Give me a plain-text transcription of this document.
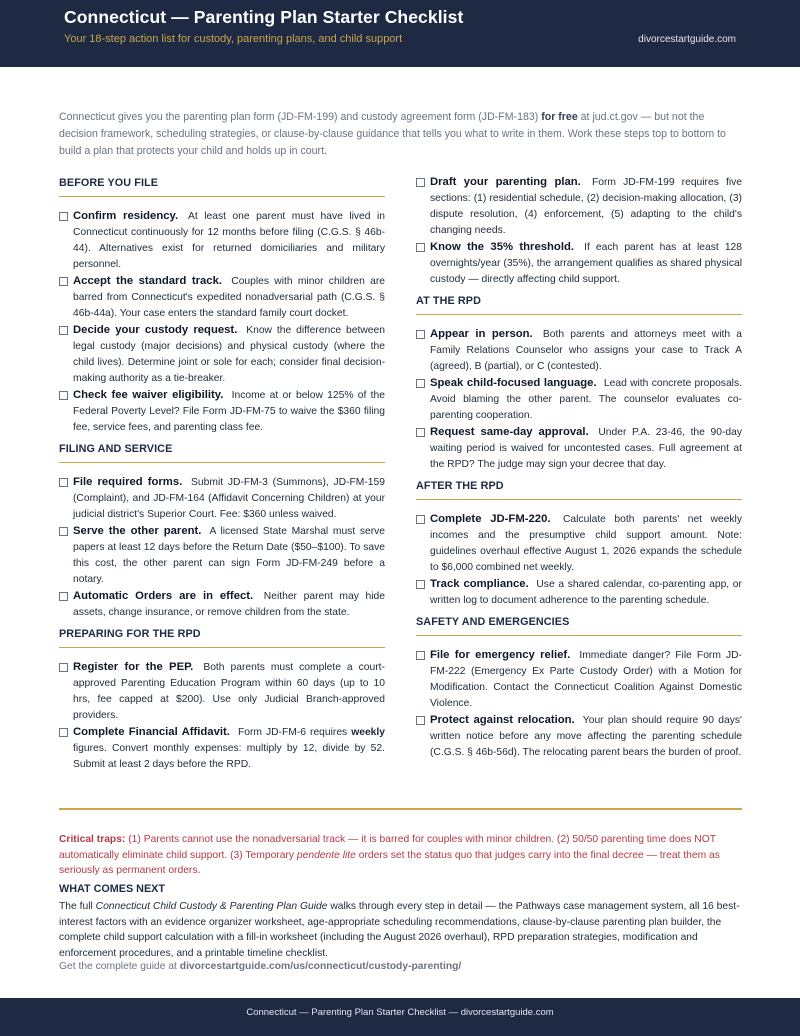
Connecticut — Parenting Plan Starter Checklist
Your 18-step action list for custody, parenting plans, and child support	divorcestartguide.com
Connecticut gives you the parenting plan form (JD-FM-199) and custody agreement form (JD-FM-183) for free at jud.ct.gov — but not the decision framework, scheduling strategies, or clause-by-clause guidance that tells you what to write in them. Work these steps top to bottom to build a plan that protects your child and holds up in court.
BEFORE YOU FILE
Confirm residency. At least one parent must have lived in Connecticut continuously for 12 months before filing (C.G.S. § 46b-44). Alternatives exist for returned domiciliaries and military personnel.
Accept the standard track. Couples with minor children are barred from Connecticut's expedited nonadversarial path (C.G.S. § 46b-44a). Your case enters the standard family court docket.
Decide your custody request. Know the difference between legal custody (major decisions) and physical custody (where the child lives). Determine joint or sole for each; consider final decision-making authority as a tie-breaker.
Check fee waiver eligibility. Income at or below 125% of the Federal Poverty Level? File Form JD-FM-75 to waive the $360 filing fee, service fees, and parenting class fee.
FILING AND SERVICE
File required forms. Submit JD-FM-3 (Summons), JD-FM-159 (Complaint), and JD-FM-164 (Affidavit Concerning Children) at your judicial district's Superior Court. Fee: $360 unless waived.
Serve the other parent. A licensed State Marshal must serve papers at least 12 days before the Return Date ($50–$100). To save this cost, the other parent can sign Form JD-FM-249 before a notary.
Automatic Orders are in effect. Neither parent may hide assets, change insurance, or remove children from the state.
PREPARING FOR THE RPD
Register for the PEP. Both parents must complete a court-approved Parenting Education Program within 60 days (up to 10 hrs, fee capped at $200). Use only Judicial Branch-approved providers.
Complete Financial Affidavit. Form JD-FM-6 requires weekly figures. Convert monthly expenses: multiply by 12, divide by 52. Submit at least 2 days before the RPD.
Draft your parenting plan. Form JD-FM-199 requires five sections: (1) residential schedule, (2) decision-making allocation, (3) dispute resolution, (4) enforcement, (5) adapting to the child's changing needs.
Know the 35% threshold. If each parent has at least 128 overnights/year (35%), the arrangement qualifies as shared physical custody — directly affecting child support.
AT THE RPD
Appear in person. Both parents and attorneys meet with a Family Relations Counselor who assigns your case to Track A (agreed), B (partial), or C (contested).
Speak child-focused language. Lead with concrete proposals. Avoid blaming the other parent. The counselor evaluates co-parenting cooperation.
Request same-day approval. Under P.A. 23-46, the 90-day waiting period is waived for uncontested cases. Full agreement at the RPD? The judge may sign your decree that day.
AFTER THE RPD
Complete JD-FM-220. Calculate both parents' net weekly incomes and the presumptive child support amount. Note: guidelines overhaul effective August 1, 2026 expands the schedule to $6,000 combined net weekly.
Track compliance. Use a shared calendar, co-parenting app, or written log to document adherence to the parenting schedule.
SAFETY AND EMERGENCIES
File for emergency relief. Immediate danger? File Form JD-FM-222 (Emergency Ex Parte Custody Order) with a Motion for Modification. Contact the Connecticut Coalition Against Domestic Violence.
Protect against relocation. Your plan should require 90 days' written notice before any move affecting the parenting schedule (C.G.S. § 46b-56d). The relocating parent bears the burden of proof.
Critical traps: (1) Parents cannot use the nonadversarial track — it is barred for couples with minor children. (2) 50/50 parenting time does NOT automatically eliminate child support. (3) Temporary pendente lite orders set the status quo that judges carry into the final decree — treat them as seriously as permanent orders.
WHAT COMES NEXT
The full Connecticut Child Custody & Parenting Plan Guide walks through every step in detail — the Pathways case management system, all 16 best-interest factors with an evidence organizer worksheet, age-appropriate scheduling recommendations, clause-by-clause parenting plan builder, the complete child support calculation with a fill-in worksheet (including the August 2026 overhaul), RPD preparation strategies, modification and enforcement procedures, and a printable timeline checklist.
Get the complete guide at divorcestartguide.com/us/connecticut/custody-parenting/
Connecticut — Parenting Plan Starter Checklist — divorcestartguide.com
